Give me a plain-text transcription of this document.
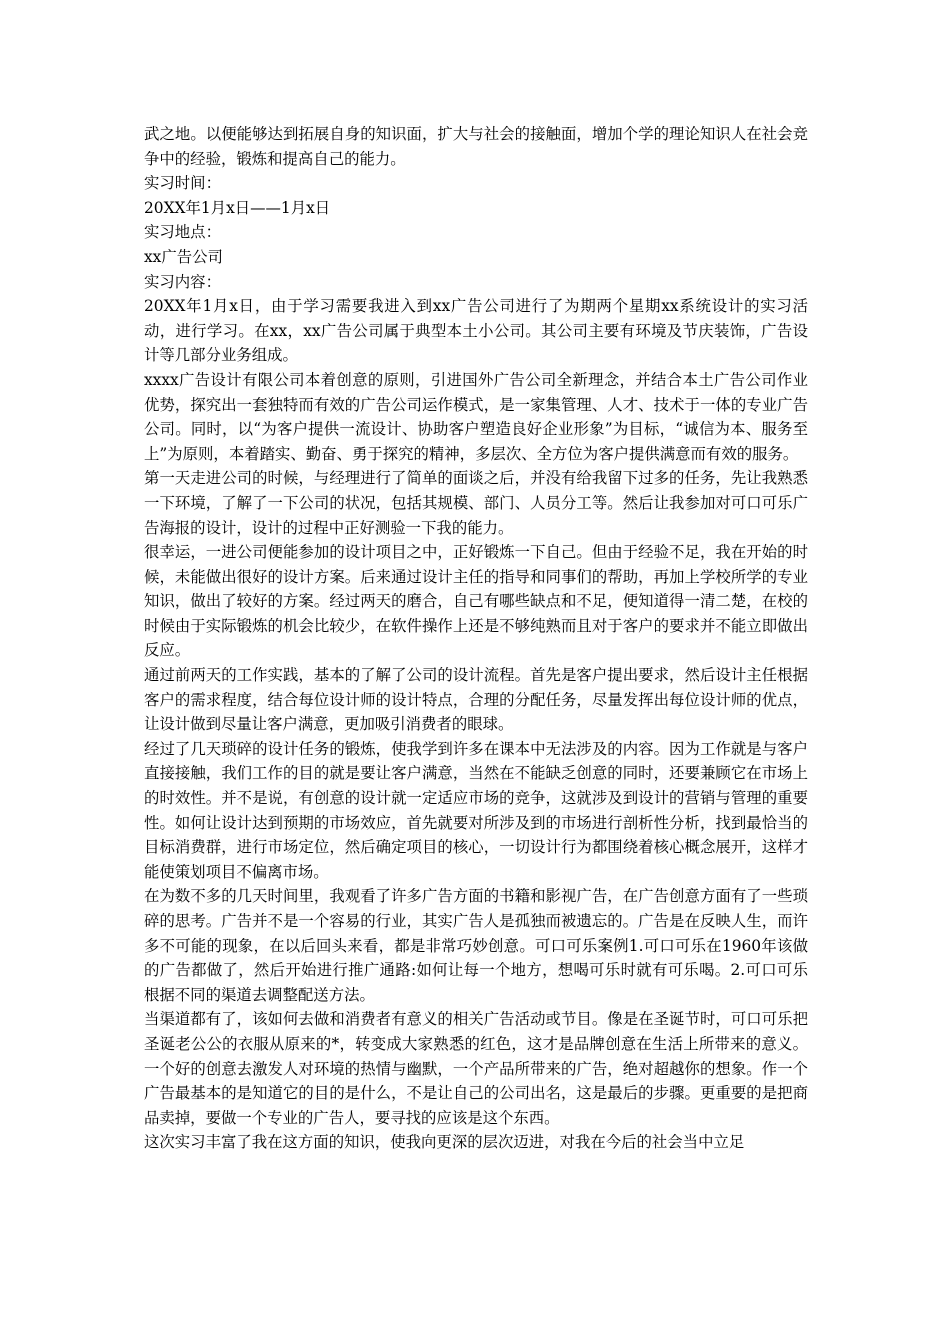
武之地。以便能够达到拓展自身的知识面，扩大与社会的接触面，增加个学的理论知识人在社会竞争中的经验，锻炼和提高自己的能力。

实习时间：

20XX年1月x日——1月x日

实习地点：

xx广告公司

实习内容：

20XX年1月x日，由于学习需要我进入到xx广告公司进行了为期两个星期xx系统设计的实习活动，进行学习。在xx，xx广告公司属于典型本土小公司。其公司主要有环境及节庆装饰，广告设计等几部分业务组成。

xxxx广告设计有限公司本着创意的原则，引进国外广告公司全新理念，并结合本土广告公司作业优势，探究出一套独特而有效的广告公司运作模式，是一家集管理、人才、技术于一体的专业广告公司。同时，以“为客户提供一流设计、协助客户塑造良好企业形象”为目标，“诚信为本、服务至上”为原则，本着踏实、勤奋、勇于探究的精神，多层次、全方位为客户提供满意而有效的服务。

第一天走进公司的时候，与经理进行了简单的面谈之后，并没有给我留下过多的任务，先让我熟悉一下环境，了解了一下公司的状况，包括其规模、部门、人员分工等。然后让我参加对可口可乐广告海报的设计，设计的过程中正好测验一下我的能力。

很幸运，一进公司便能参加的设计项目之中，正好锻炼一下自己。但由于经验不足，我在开始的时候，未能做出很好的设计方案。后来通过设计主任的指导和同事们的帮助，再加上学校所学的专业知识，做出了较好的方案。经过两天的磨合，自己有哪些缺点和不足，便知道得一清二楚，在校的时候由于实际锻炼的机会比较少，在软件操作上还是不够纯熟而且对于客户的要求并不能立即做出反应。

通过前两天的工作实践，基本的了解了公司的设计流程。首先是客户提出要求，然后设计主任根据客户的需求程度，结合每位设计师的设计特点，合理的分配任务，尽量发挥出每位设计师的优点，让设计做到尽量让客户满意，更加吸引消费者的眼球。

经过了几天琐碎的设计任务的锻炼，使我学到许多在课本中无法涉及的内容。因为工作就是与客户直接接触，我们工作的目的就是要让客户满意，当然在不能缺乏创意的同时，还要兼顾它在市场上的时效性。并不是说，有创意的设计就一定适应市场的竞争，这就涉及到设计的营销与管理的重要性。如何让设计达到预期的市场效应，首先就要对所涉及到的市场进行剖析性分析，找到最恰当的目标消费群，进行市场定位，然后确定项目的核心，一切设计行为都围绕着核心概念展开，这样才能使策划项目不偏离市场。

在为数不多的几天时间里，我观看了许多广告方面的书籍和影视广告，在广告创意方面有了一些琐碎的思考。广告并不是一个容易的行业，其实广告人是孤独而被遗忘的。广告是在反映人生，而许多不可能的现象，在以后回头来看，都是非常巧妙创意。可口可乐案例1.可口可乐在1960年该做的广告都做了，然后开始进行推广通路:如何让每一个地方，想喝可乐时就有可乐喝。2.可口可乐根据不同的渠道去调整配送方法。

当渠道都有了，该如何去做和消费者有意义的相关广告活动或节目。像是在圣诞节时，可口可乐把圣诞老公公的衣服从原来的*，转变成大家熟悉的红色，这才是品牌创意在生活上所带来的意义。一个好的创意去激发人对环境的热情与幽默，一个产品所带来的广告，绝对超越你的想象。作一个广告最基本的是知道它的目的是什么，不是让自己的公司出名，这是最后的步骤。更重要的是把商品卖掉，要做一个专业的广告人，要寻找的应该是这个东西。

这次实习丰富了我在这方面的知识，使我向更深的层次迈进，对我在今后的社会当中立足
